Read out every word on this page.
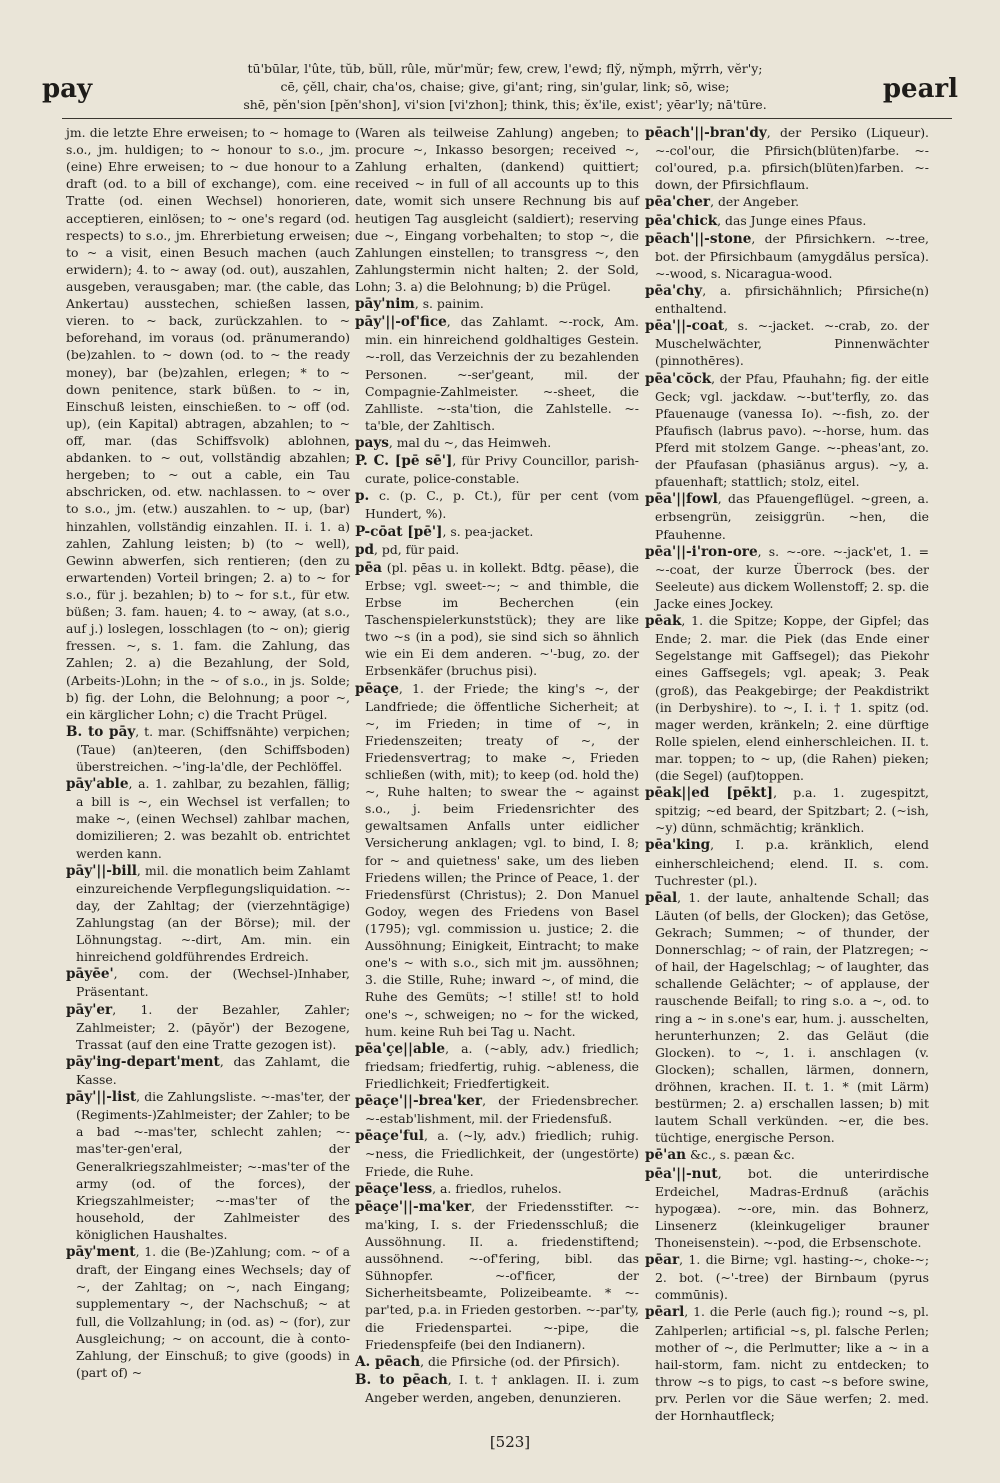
pay
tū'būlar, l'ûte, tŭb, bŭll, rûle, mŭr'mŭr; few, crew, l'ewd; fly̆, ny̆mph, my̆rrh, vĕr'y;
cē, çĕll, chair, cha'os, chaise; give, gi'ant; ring, sin'gular, link; sō, wise;
shē, pĕn'sion [pĕn'shon], vi'sion [vi'zhon]; think, this; ĕx'ile, exist'; yēar'ly; nā'tūre.
pearl

jm. die letzte Ehre erweisen; to ~ homage to s.o., jm. huldigen; to ~ honour to s.o., jm. (eine) Ehre erweisen; to ~ due honour to a draft (od. to a bill of exchange), com. eine Tratte (od. einen Wechsel) honorieren, acceptieren, einlösen; to ~ one's regard (od. respects) to s.o., jm. Ehrerbietung erweisen; to ~ a visit, einen Besuch machen (auch erwidern); 4. to ~ away (od. out), auszahlen, ausgeben, verausgaben; mar. (the cable, das Ankertau) ausstechen, schießen lassen, vieren. to ~ back, zurückzahlen. to ~ beforehand, im voraus (od. pränumerando) (be)zahlen. to ~ down (od. to ~ the ready money), bar (be)zahlen, erlegen; * to ~ down penitence, stark büßen. to ~ in, Einschuß leisten, einschießen. to ~ off (od. up), (ein Kapital) abtragen, abzahlen; to ~ off, mar. (das Schiffsvolk) ablohnen, abdanken. to ~ out, vollständig abzahlen; hergeben; to ~ out a cable, ein Tau abschricken, od. etw. nachlassen. to ~ over to s.o., jm. (etw.) auszahlen. to ~ up, (bar) hinzahlen, vollständig einzahlen. II. i. 1. a) zahlen, Zahlung leisten; b) (to ~ well), Gewinn abwerfen, sich rentieren; (den zu erwartenden) Vorteil bringen; 2. a) to ~ for s.o., für j. bezahlen; b) to ~ for s.t., für etw. büßen; 3. fam. hauen; 4. to ~ away, (at s.o., auf j.) loslegen, losschlagen (to ~ on); gierig fressen. ~, s. 1. fam. die Zahlung, das Zahlen; 2. a) die Bezahlung, der Sold, (Arbeits-)Lohn; in the ~ of s.o., in js. Solde; b) fig. der Lohn, die Belohnung; a poor ~, ein kärglicher Lohn; c) die Tracht Prügel.

B. to pāy, t. mar. (Schiffsnähte) verpichen; (Taue) (an)teeren, (den Schiffsboden) überstreichen. ~'ing-la'dle, der Pechlöffel.

pāy'able, a. 1. zahlbar, zu bezahlen, fällig; a bill is ~, ein Wechsel ist verfallen; to make ~, (einen Wechsel) zahlbar machen, domizilieren; 2. was bezahlt ob. entrichtet werden kann.

pāy'||-bill, mil. die monatlich beim Zahlamt einzureichende Verpflegungsliquidation. ~-day, der Zahltag; der (vierzehntägige) Zahlungstag (an der Börse); mil. der Löhnungstag. ~-dirt, Am. min. ein hinreichend goldführendes Erdreich.

pāyēe', com. der (Wechsel-)Inhaber, Präsentant.

pāy'er, 1. der Bezahler, Zahler; Zahlmeister; 2. (pāyŏr') der Bezogene, Trassat (auf den eine Tratte gezogen ist).

pāy'ing-depart'ment, das Zahlamt, die Kasse.

pāy'||-list, die Zahlungsliste. ~-mas'ter, der (Regiments-)Zahlmeister; der Zahler; to be a bad ~-mas'ter, schlecht zahlen; ~-mas'ter-gen'eral, der Generalkriegszahlmeister; ~-mas'ter of the army (od. of the forces), der Kriegszahlmeister; ~-mas'ter of the household, der Zahlmeister des königlichen Haushaltes.

pāy'ment, 1. die (Be-)Zahlung; com. ~ of a draft, der Eingang eines Wechsels; day of ~, der Zahltag; on ~, nach Eingang; supplementary ~, der Nachschuß; ~ at full, die Vollzahlung; in (od. as) ~ (for), zur Ausgleichung; ~ on account, die à conto-Zahlung, der Einschuß; to give (goods) in (part of) ~

(Waren als teilweise Zahlung) angeben; to procure ~, Inkasso besorgen; received ~, Zahlung erhalten, (dankend) quittiert; received ~ in full of all accounts up to this date, womit sich unsere Rechnung bis auf heutigen Tag ausgleicht (saldiert); reserving due ~, Eingang vorbehalten; to stop ~, die Zahlungen einstellen; to transgress ~, den Zahlungstermin nicht halten; 2. der Sold, Lohn; 3. a) die Belohnung; b) die Prügel.

pāy'nim, s. painim.

pāy'||-of'fice, das Zahlamt. ~-rock, Am. min. ein hinreichend goldhaltiges Gestein. ~-roll, das Verzeichnis der zu bezahlenden Personen. ~-ser'geant, mil. der Compagnie-Zahlmeister. ~-sheet, die Zahlliste. ~-sta'tion, die Zahlstelle. ~-ta'ble, der Zahltisch.

pays, mal du ~, das Heimweh.

P. C. [pē sē'], für Privy Councillor, parish-curate, police-constable.

p. c. (p. C., p. Ct.), für per cent (vom Hundert, %).

P-cōat [pē'], s. pea-jacket.

pd, pd, für paid.

pēa (pl. pēas u. in kollekt. Bdtg. pēase), die Erbse; vgl. sweet-~; ~ and thimble, die Erbse im Becherchen (ein Taschenspielerkunststück); they are like two ~s (in a pod), sie sind sich so ähnlich wie ein Ei dem anderen. ~'-bug, zo. der Erbsenkäfer (bruchus pisi).

pēaçe, 1. der Friede; the king's ~, der Landfriede; die öffentliche Sicherheit; at ~, im Frieden; in time of ~, in Friedenszeiten; treaty of ~, der Friedensvertrag; to make ~, Frieden schließen (with, mit); to keep (od. hold the) ~, Ruhe halten; to swear the ~ against s.o., j. beim Friedensrichter des gewaltsamen Anfalls unter eidlicher Versicherung anklagen; vgl. to bind, I. 8; for ~ and quietness' sake, um des lieben Friedens willen; the Prince of Peace, 1. der Friedensfürst (Christus); 2. Don Manuel Godoy, wegen des Friedens von Basel (1795); vgl. commission u. justice; 2. die Aussöhnung; Einigkeit, Eintracht; to make one's ~ with s.o., sich mit jm. aussöhnen; 3. die Stille, Ruhe; inward ~, of mind, die Ruhe des Gemüts; ~! stille! st! to hold one's ~, schweigen; no ~ for the wicked, hum. keine Ruh bei Tag u. Nacht.

pēa'çe||able, a. (~ably, adv.) friedlich; friedsam; friedfertig, ruhig. ~ableness, die Friedlichkeit; Friedfertigkeit.

pēaçe'||-brea'ker, der Friedensbrecher. ~-estab'lishment, mil. der Friedensfuß.

pēaçe'ful, a. (~ly, adv.) friedlich; ruhig. ~ness, die Friedlichkeit, der (ungestörte) Friede, die Ruhe.

pēaçe'less, a. friedlos, ruhelos.

pēaçe'||-ma'ker, der Friedensstifter. ~-ma'king, I. s. der Friedensschluß; die Aussöhnung. II. a. friedenstiftend; aussöhnend. ~-of'fering, bibl. das Sühnopfer. ~-of'ficer, der Sicherheitsbeamte, Polizeibeamte. * ~-par'ted, p.a. in Frieden gestorben. ~-par'ty, die Friedenspartei. ~-pipe, die Friedenspfeife (bei den Indianern).

A. pēach, die Pfirsiche (od. der Pfirsich).

B. to pēach, I. t. † anklagen. II. i. zum Angeber werden, angeben, denunzieren.

pēach'||-bran'dy, der Persiko (Liqueur). ~-col'our, die Pfirsich(blüten)farbe. ~-col'oured, p.a. pfirsich(blüten)farben. ~-down, der Pfirsichflaum.

pēa'cher, der Angeber.

pēa'chick, das Junge eines Pfaus.

pēach'||-stone, der Pfirsichkern. ~-tree, bot. der Pfirsichbaum (amygdălus persĭca). ~-wood, s. Nicaragua-wood.

pēa'chy, a. pfirsichähnlich; Pfirsiche(n) enthaltend.

pēa'||-coat, s. ~-jacket. ~-crab, zo. der Muschelwächter, Pinnenwächter (pinnothēres).

pēa'cŏck, der Pfau, Pfauhahn; fig. der eitle Geck; vgl. jackdaw. ~-but'terfly, zo. das Pfauenauge (vanessa Io). ~-fish, zo. der Pfaufisch (labrus pavo). ~-horse, hum. das Pferd mit stolzem Gange. ~-pheas'ant, zo. der Pfaufasan (phasiānus argus). ~y, a. pfauenhaft; stattlich; stolz, eitel.

pēa'||fowl, das Pfauengeflügel. ~green, a. erbsengrün, zeisiggrün. ~hen, die Pfauhenne.

pēa'||-i'ron-ore, s. ~-ore. ~-jack'et, 1. = ~-coat, der kurze Überrock (bes. der Seeleute) aus dickem Wollenstoff; 2. sp. die Jacke eines Jockey.

pēak, 1. die Spitze; Koppe, der Gipfel; das Ende; 2. mar. die Piek (das Ende einer Segelstange mit Gaffsegel); das Piekohr eines Gaffsegels; vgl. apeak; 3. Peak (groß), das Peakgebirge; der Peakdistrikt (in Derbyshire). to ~, I. i. † 1. spitz (od. mager werden, kränkeln; 2. eine dürftige Rolle spielen, elend einherschleichen. II. t. mar. toppen; to ~ up, (die Rahen) pieken; (die Segel) (auf)toppen.

pēak||ed [pēkt], p.a. 1. zugespitzt, spitzig; ~ed beard, der Spitzbart; 2. (~ish, ~y) dünn, schmächtig; kränklich.

pēa'king, I. p.a. kränklich, elend einherschleichend; elend. II. s. com. Tuchrester (pl.).

pēal, 1. der laute, anhaltende Schall; das Läuten (of bells, der Glocken); das Getöse, Gekrach; Summen; ~ of thunder, der Donnerschlag; ~ of rain, der Platzregen; ~ of hail, der Hagelschlag; ~ of laughter, das schallende Gelächter; ~ of applause, der rauschende Beifall; to ring s.o. a ~, od. to ring a ~ in s.one's ear, hum. j. ausschelten, herunterhunzen; 2. das Geläut (die Glocken). to ~, 1. i. anschlagen (v. Glocken); schallen, lärmen, donnern, dröhnen, krachen. II. t. 1. * (mit Lärm) bestürmen; 2. a) erschallen lassen; b) mit lautem Schall verkünden. ~er, die bes. tüchtige, energische Person.

pē'an &c., s. pæan &c.

pēa'||-nut, bot. die unterirdische Erdeichel, Madras-Erdnuß (arăchis hypogæa). ~-ore, min. das Bohnerz, Linsenerz (kleinkugeliger brauner Thoneisenstein). ~-pod, die Erbsenschote.

pēar, 1. die Birne; vgl. hasting-~, choke-~; 2. bot. (~'-tree) der Birnbaum (pyrus commūnis).

pēarl, 1. die Perle (auch fig.); round ~s, pl. Zahlperlen; artificial ~s, pl. falsche Perlen; mother of ~, die Perlmutter; like a ~ in a hail-storm, fam. nicht zu entdecken; to throw ~s to pigs, to cast ~s before swine, prv. Perlen vor die Säue werfen; 2. med. der Hornhautfleck;

[523]
